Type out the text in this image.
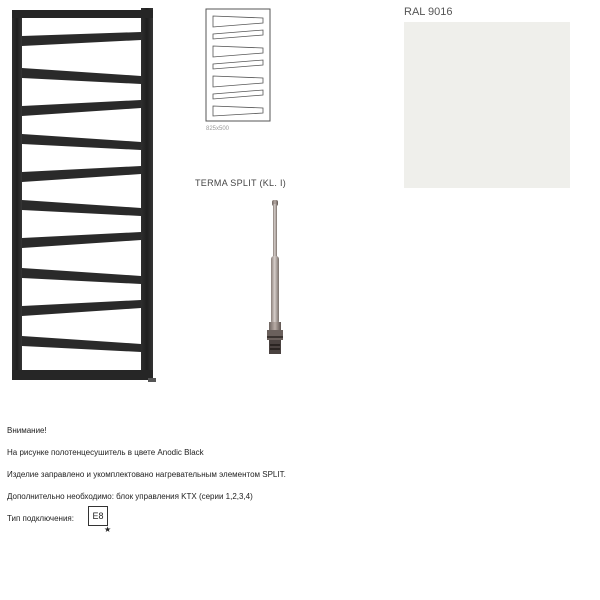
825x500
TERMA SPLIT (KL. I)
RAL 9016

Внимание!

На рисунке полотенцесушитель в цвете Anodic Black

Изделие заправлено и укомплектовано нагревательным элементом SPLIT.

Дополнительно необходимо: блок управления KTX (серии 1,2,3,4)

Тип подключения:	E8
★
